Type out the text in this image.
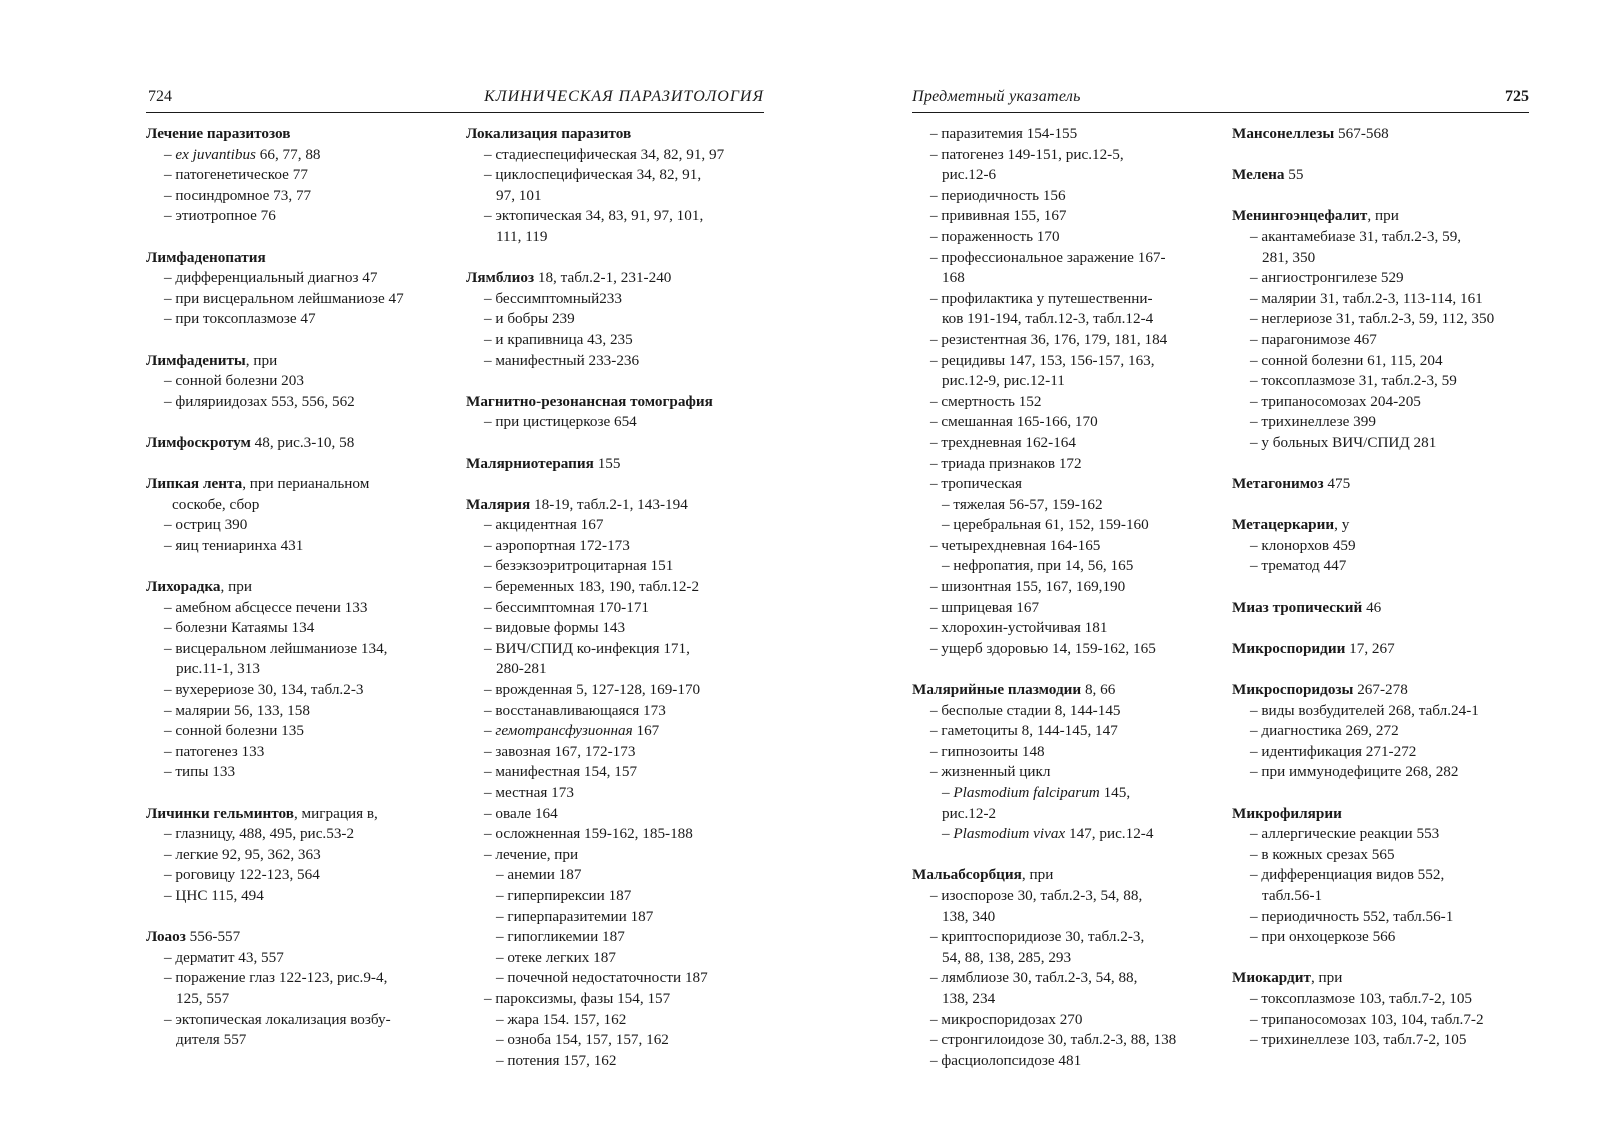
724	КЛИНИЧЕСКАЯ ПАРАЗИТОЛОГИЯ
Лечение паразитозов
– ex juvantibus 66, 77, 88
– патогенетическое 77
– посиндромное 73, 77
– этиотропное 76
Лимфаденопатия
– дифференциальный диагноз 47
– при висцеральном лейшманиозе 47
– при токсоплазмозе 47
Лимфадениты, при
– сонной болезни 203
– филяриидозах 553, 556, 562
Лимфоскротум 48, рис.3-10, 58
Липкая лента, при перианальном
соскобе, сбор
– остриц 390
– яиц тениаринха 431
Лихорадка, при
– амебном абсцессе печени 133
– болезни Катаямы 134
– висцеральном лейшманиозе 134,
рис.11-1, 313
– вухерериозе 30, 134, табл.2-3
– малярии 56, 133, 158
– сонной болезни 135
– патогенез 133
– типы 133
Личинки гельминтов, миграция в,
– глазницу, 488, 495, рис.53-2
– легкие 92, 95, 362, 363
– роговицу 122-123, 564
– ЦНС 115, 494
Лоаоз 556-557
– дерматит 43, 557
– поражение глаз 122-123, рис.9-4,
125, 557
– эктопическая локализация возбу-
дителя 557
Локализация паразитов
– стадиеспецифическая 34, 82, 91, 97
– циклоспецифическая 34, 82, 91,
97, 101
– эктопическая 34, 83, 91, 97, 101,
111, 119
Лямблиоз 18, табл.2-1, 231-240
– бессимптомный233
– и бобры 239
– и крапивница 43, 235
– манифестный 233-236
Магнитно-резонансная томография
– при цистицеркозе 654
Малярниотерапия 155
Малярия 18-19, табл.2-1, 143-194
– акцидентная 167
– аэропортная 172-173
– безэкзоэритроцитарная 151
– беременных 183, 190, табл.12-2
– бессимптомная 170-171
– видовые формы 143
– ВИЧ/СПИД ко-инфекция 171,
280-281
– врожденная 5, 127-128, 169-170
– восстанавливающаяся 173
– гемотрансфузионная 167
– завозная 167, 172-173
– манифестная 154, 157
– местная 173
– овале 164
– осложненная 159-162, 185-188
– лечение, при
– анемии 187
– гиперпирексии 187
– гиперпаразитемии 187
– гипогликемии 187
– отеке легких 187
– почечной недостаточности 187
– пароксизмы, фазы 154, 157
– жара 154. 157, 162
– озноба 154, 157, 157, 162
– потения 157, 162
Предметный указатель	725
– паразитемия 154-155
– патогенез 149-151, рис.12-5,
рис.12-6
– периодичность 156
– прививная 155, 167
– пораженность 170
– профессиональное заражение 167-
168
– профилактика у путешественни-
ков 191-194, табл.12-3, табл.12-4
– резистентная 36, 176, 179, 181, 184
– рецидивы 147, 153, 156-157, 163,
рис.12-9, рис.12-11
– смертность 152
– смешанная 165-166, 170
– трехдневная 162-164
– триада признаков 172
– тропическая
– тяжелая 56-57, 159-162
– церебральная 61, 152, 159-160
– четырехдневная 164-165
– нефропатия, при 14, 56, 165
– шизонтная 155, 167, 169,190
– шприцевая 167
– хлорохин-устойчивая 181
– ущерб здоровью 14, 159-162, 165
Малярийные плазмодии 8, 66
– бесполые стадии 8, 144-145
– гаметоциты 8, 144-145, 147
– гипнозоиты 148
– жизненный цикл
– Plasmodium falciparum 145,
рис.12-2
– Plasmodium vivax 147, рис.12-4
Мальабсорбция, при
– изоспорозе 30, табл.2-3, 54, 88,
138, 340
– криптоспоридиозе 30, табл.2-3,
54, 88, 138, 285, 293
– лямблиозе 30, табл.2-3, 54, 88,
138, 234
– микроспоридозах 270
– стронгилоидозе 30, табл.2-3, 88, 138
– фасциолопсидозе 481
Мансонеллезы 567-568
Мелена 55
Менингоэнцефалит, при
– акантамебиазе 31, табл.2-3, 59,
281, 350
– ангиостронгилезе 529
– малярии 31, табл.2-3, 113-114, 161
– неглериозе 31, табл.2-3, 59, 112, 350
– парагонимозе 467
– сонной болезни 61, 115, 204
– токсоплазмозе 31, табл.2-3, 59
– трипаносомозах 204-205
– трихинеллезе 399
– у больных ВИЧ/СПИД 281
Метагонимоз 475
Метацеркарии, у
– клонорхов 459
– трематод 447
Миаз тропический 46
Микроспоридии 17, 267
Микроспоридозы 267-278
– виды возбудителей 268, табл.24-1
– диагностика 269, 272
– идентификация 271-272
– при иммунодефиците 268, 282
Микрофилярии
– аллергические реакции 553
– в кожных срезах 565
– дифференциация видов 552,
табл.56-1
– периодичность 552, табл.56-1
– при онхоцеркозе 566
Миокардит, при
– токсоплазмозе 103, табл.7-2, 105
– трипаносомозах 103, 104, табл.7-2
– трихинеллезе 103, табл.7-2, 105
